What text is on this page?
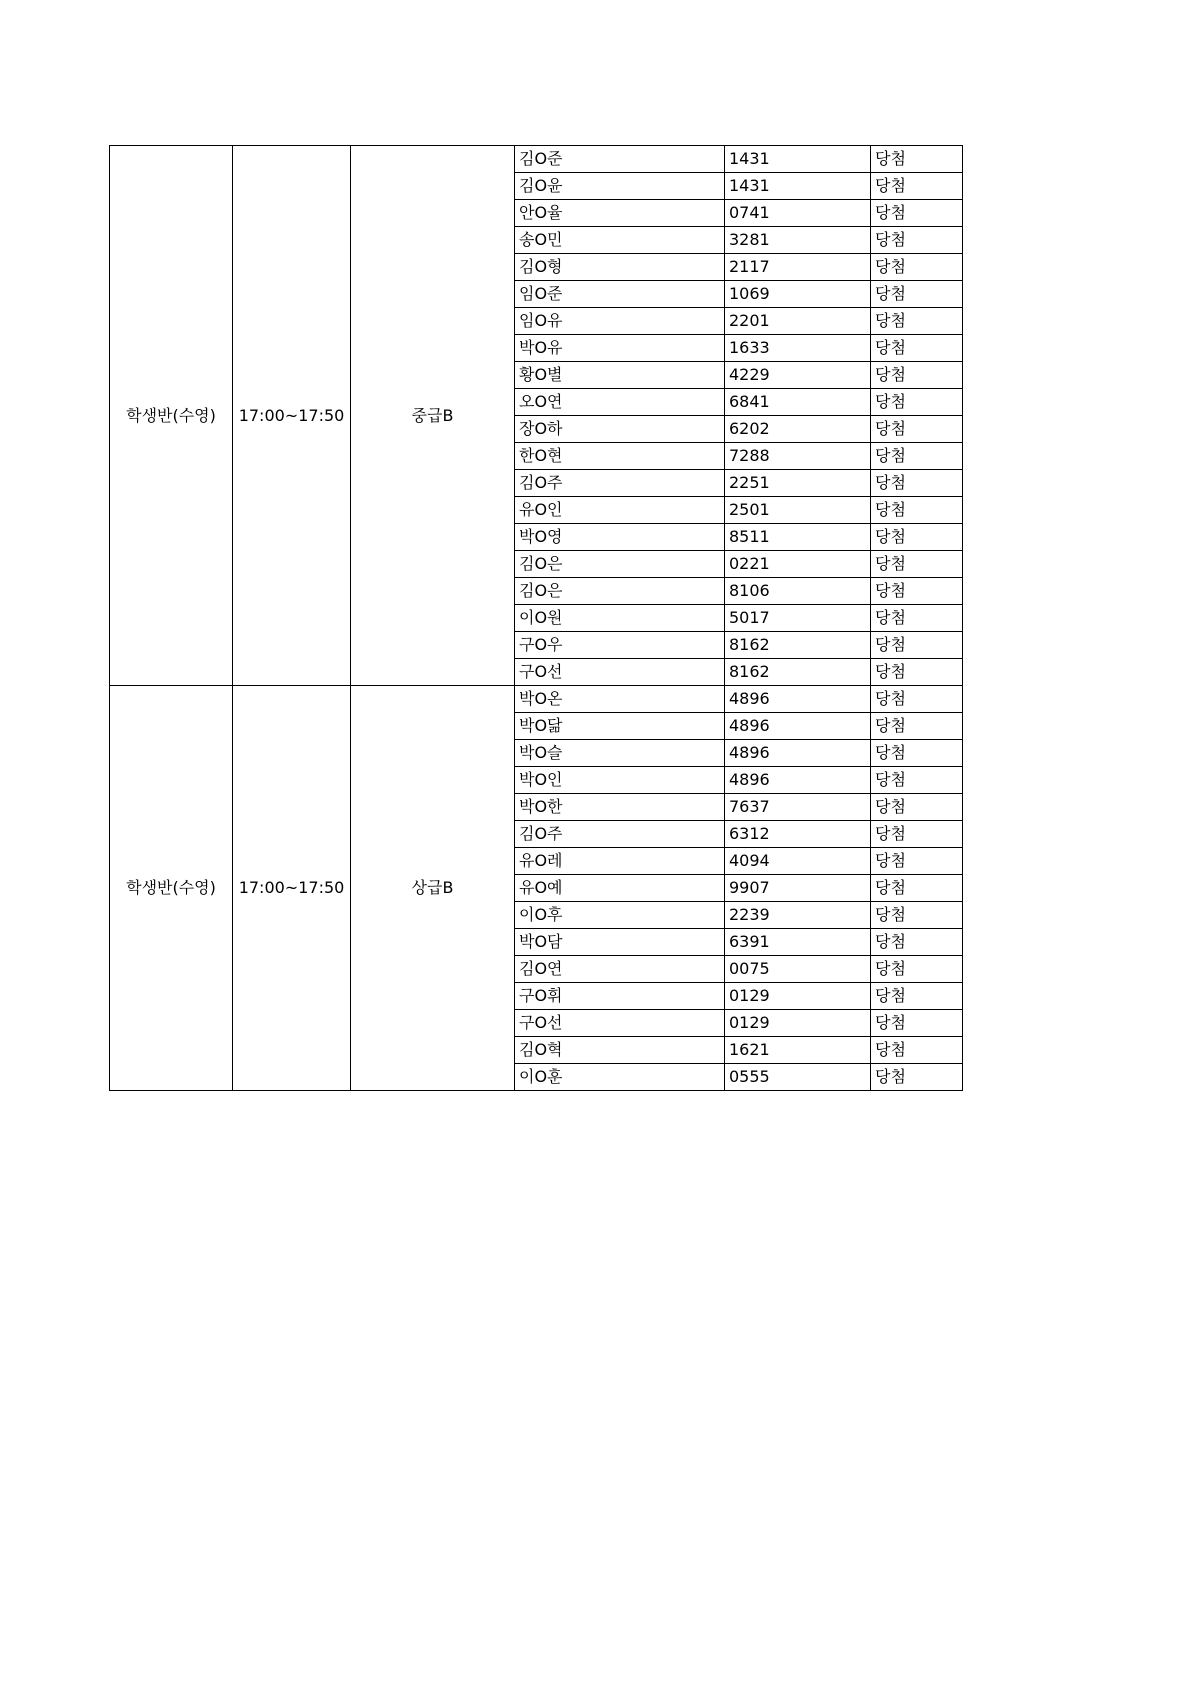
학생반(수영)	17:00~17:50	중급B	김O준	1431	당첨
			김O윤	1431	당첨
			안O율	0741	당첨
			송O민	3281	당첨
			김O형	2117	당첨
			임O준	1069	당첨
			임O유	2201	당첨
			박O유	1633	당첨
			황O별	4229	당첨
			오O연	6841	당첨
			장O하	6202	당첨
			한O현	7288	당첨
			김O주	2251	당첨
			유O인	2501	당첨
			박O영	8511	당첨
			김O은	0221	당첨
			김O은	8106	당첨
			이O원	5017	당첨
			구O우	8162	당첨
			구O선	8162	당첨
학생반(수영)	17:00~17:50	상급B	박O온	4896	당첨
			박O닮	4896	당첨
			박O슬	4896	당첨
			박O인	4896	당첨
			박O한	7637	당첨
			김O주	6312	당첨
			유O레	4094	당첨
			유O예	9907	당첨
			이O후	2239	당첨
			박O담	6391	당첨
			김O연	0075	당첨
			구O휘	0129	당첨
			구O선	0129	당첨
			김O혁	1621	당첨
			이O훈	0555	당첨
